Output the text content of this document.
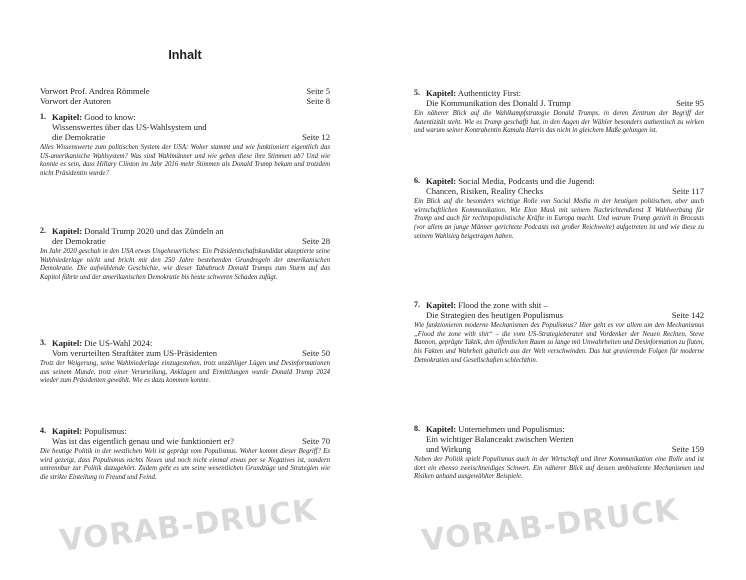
Inhalt
Vorwort Prof. Andrea Römmele	Seite 5
Vorwort der Autoren	Seite 8
1. Kapitel: Good to know:
Wissenswertes über das US-Wahlsystem und
die Demokratie	Seite 12
Alles Wissenswerte zum politischen System der USA: Woher stammt und wie funktioniert eigentlich das US-amerikanische Wahlsystem? Was sind Wahlmänner und wie geben diese ihre Stimmen ab? Und wie konnte es sein, dass Hillary Clinton im Jahr 2016 mehr Stimmen als Donald Trump bekam und trotzdem nicht Präsidentin wurde?
2. Kapitel: Donald Trump 2020 und das Zündeln an
der Demokratie	Seite 28
Im Jahr 2020 geschah in den USA etwas Ungeheuerliches: Ein Präsidentschaftskandidat akzeptierte seine Wahlniederlage nicht und bricht mit den 250 Jahre bestehenden Grundregeln der amerikanischen Demokratie. Die aufwühlende Geschichte, wie dieser Tabubruch Donald Trumps zum Sturm auf das Kapitol führte und der amerikanischen Demokratie bis heute schweren Schaden zufügt.
3. Kapitel: Die US-Wahl 2024:
Vom verurteilten Straftäter zum US-Präsidenten	Seite 50
Trotz der Weigerung, seine Wahlniederlage einzugestehen, trotz unzähliger Lügen und Desinformationen aus seinem Munde, trotz einer Verurteilung, Anklagen und Ermittlungen wurde Donald Trump 2024 wieder zum Präsidenten gewählt. Wie es dazu kommen konnte.
4. Kapitel: Populismus:
Was ist das eigentlich genau und wie funktioniert er?	Seite 70
Die heutige Politik in der westlichen Welt ist geprägt vom Populismus. Woher kommt dieser Begriff? Es wird gezeigt, dass Populismus nichts Neues und noch nicht einmal etwas per se Negatives ist, sondern untrennbar zur Politik dazugehört. Zudem geht es um seine wesentlichen Grundzüge und Strategien wie die strikte Einteilung in Freund und Feind.
5. Kapitel: Authenticity First:
Die Kommunikation des Donald J. Trump	Seite 95
Ein näherer Blick auf die Wahlkampfstrategie Donald Trumps, in deren Zentrum der Begriff der Autentizität steht. Wie es Trump geschafft hat, in den Augen der Wähler besonders authentisch zu wirken und warum seiner Kontrahentin Kamala Harris das nicht in gleichem Maße gelungen ist.
6. Kapitel: Social Media, Podcasts und die Jugend:
Chancen, Risiken, Reality Checks	Seite 117
Ein Blick auf die besonders wichtige Rolle von Social Media in der heutigen politischen, aber auch wirtschaftlichen Kommunikation. Wie Elon Musk mit seinem Nachrichtendienst X Wahlwerbung für Trump und auch für rechtspopulistische Kräfte in Europa macht. Und warum Trump gezielt in Brocasts (vor allem an junge Männer gerichtete Podcasts mit großer Reichweite) aufgetreten ist und wie diese zu seinem Wahlsieg beigetragen haben.
7. Kapitel: Flood the zone with shit –
Die Strategien des heutigen Populismus	Seite 142
Wie funktionieren moderne Mechanismen des Populismus? Hier geht es vor allem um den Mechanismus „Flood the zone with shit“ – die vom US-Strategieberater und Vordenker der Neuen Rechten, Steve Bannon, geprägte Taktik, den öffentlichen Raum so lange mit Unwahrheiten und Desinformation zu fluten, bis Fakten und Wahrheit gänzlich aus der Welt verschwinden. Das hat gravierende Folgen für moderne Demokratien und Gesellschaften schlechthin.
8. Kapitel: Unternehmen und Populismus:
Ein wichtiger Balanceakt zwischen Werten
und Wirkung	Seite 159
Neben der Politik spielt Populismus auch in der Wirtschaft und ihrer Kommunikation eine Rolle und ist dort ein ebenso zweischneidiges Schwert. Ein näherer Blick auf dessen ambivalente Mechanismen und Risiken anhand ausgewählter Beispiele.
VORAB-DRUCK	VORAB-DRUCK
